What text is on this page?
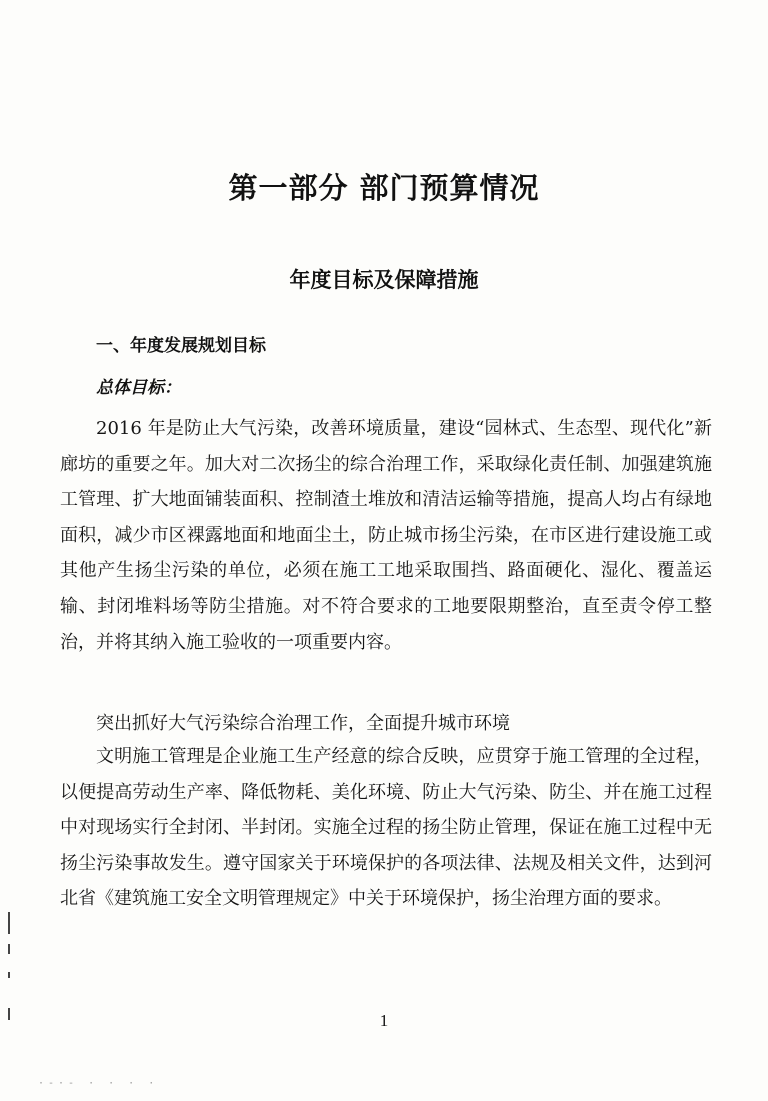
第一部分 部门预算情况
年度目标及保障措施
一、年度发展规划目标
总体目标：
2016 年是防止大气污染，改善环境质量，建设“园林式、生态型、现代化”新廊坊的重要之年。加大对二次扬尘的综合治理工作，采取绿化责任制、加强建筑施工管理、扩大地面铺装面积、控制渣土堆放和清洁运输等措施，提高人均占有绿地面积，减少市区裸露地面和地面尘土，防止城市扬尘污染，在市区进行建设施工或其他产生扬尘污染的单位，必须在施工工地采取围挡、路面硬化、湿化、覆盖运输、封闭堆料场等防尘措施。对不符合要求的工地要限期整治，直至责令停工整治，并将其纳入施工验收的一项重要内容。
突出抓好大气污染综合治理工作，全面提升城市环境
文明施工管理是企业施工生产经意的综合反映，应贯穿于施工管理的全过程，以便提高劳动生产率、降低物耗、美化环境、防止大气污染、防尘、并在施工过程中对现场实行全封闭、半封闭。实施全过程的扬尘防止管理，保证在施工过程中无扬尘污染事故发生。遵守国家关于环境保护的各项法律、法规及相关文件，达到河北省《建筑施工安全文明管理规定》中关于环境保护，扬尘治理方面的要求。
1
·-·- · · · ·
